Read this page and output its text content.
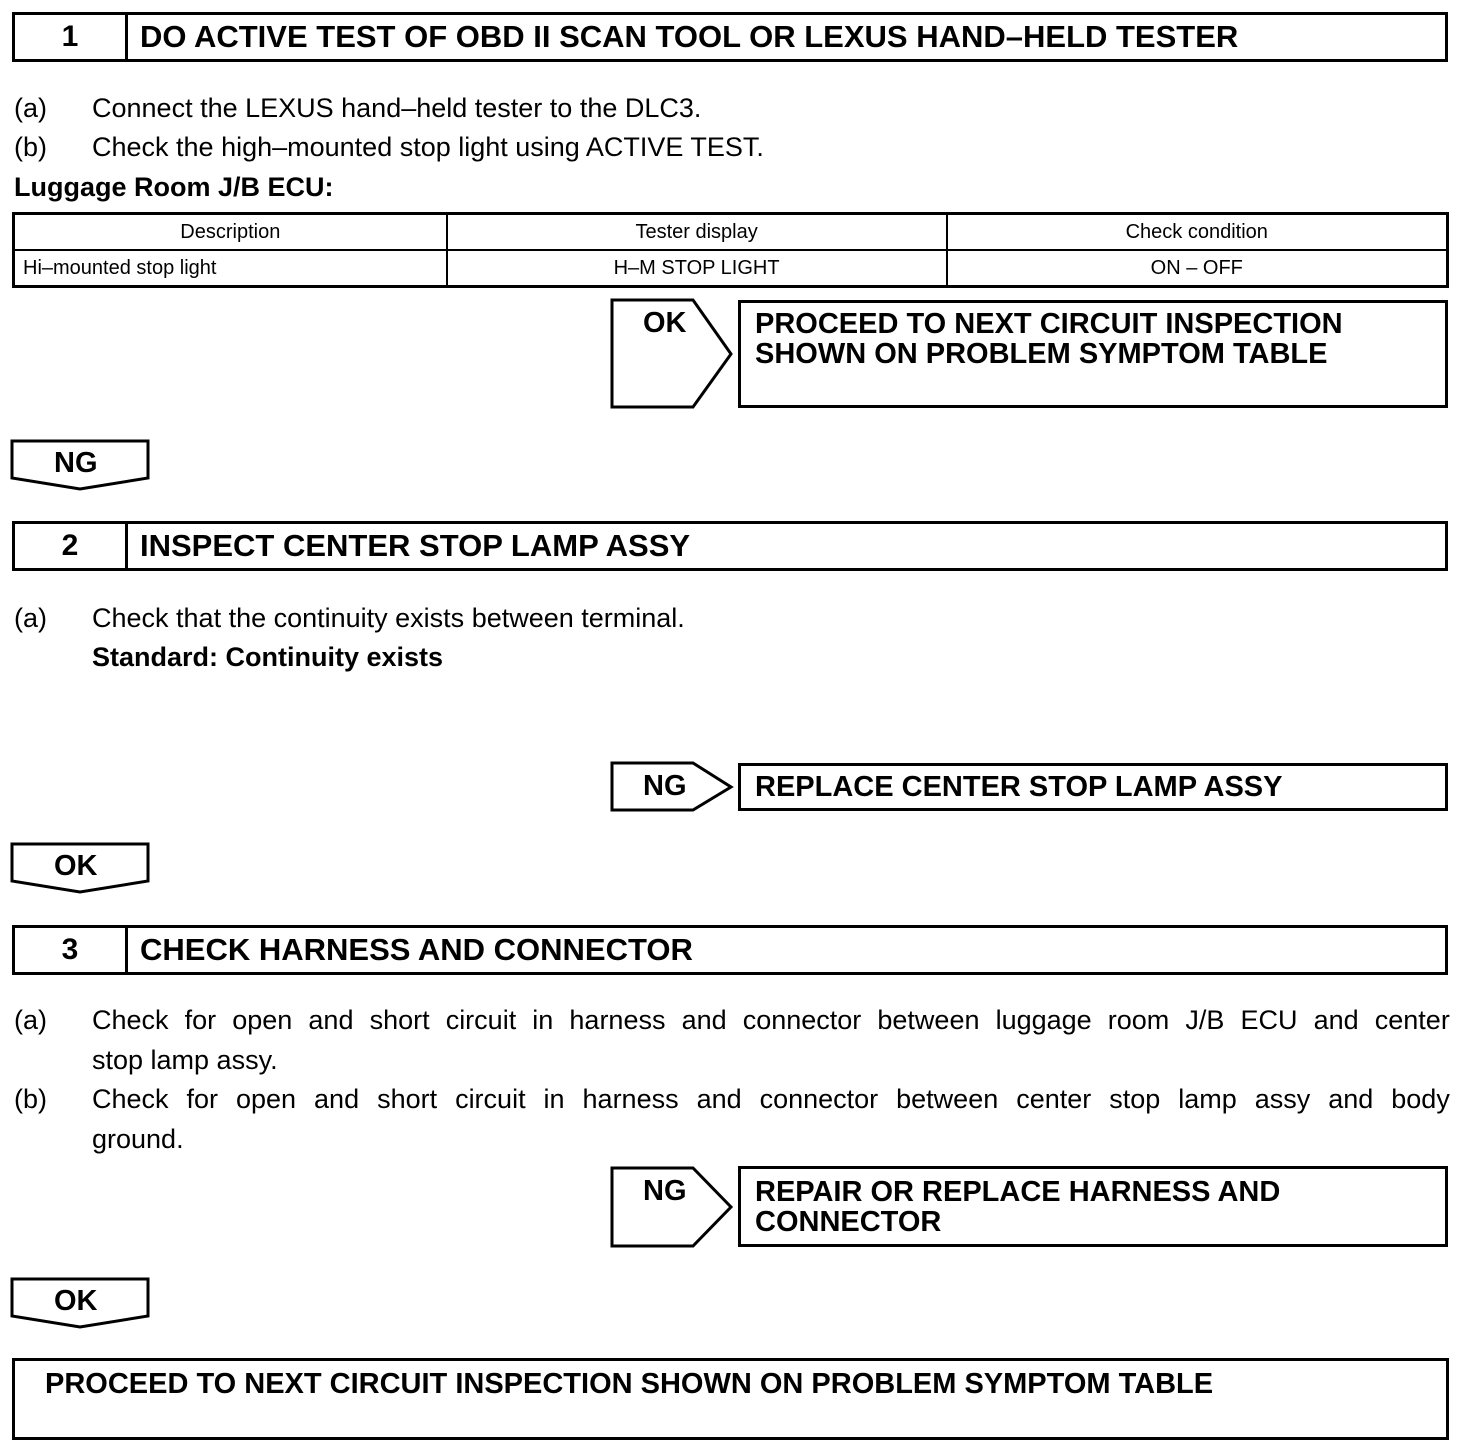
1	DO ACTIVE TEST OF OBD II SCAN TOOL OR LEXUS HAND–HELD TESTER
(a) Connect the LEXUS hand–held tester to the DLC3.
(b) Check the high–mounted stop light using ACTIVE TEST.
Luggage Room J/B ECU:
Description	Tester display	Check condition
Hi–mounted stop light	H–M STOP LIGHT	ON – OFF
OK PROCEED TO NEXT CIRCUIT INSPECTION
SHOWN ON PROBLEM SYMPTOM TABLE
NG
2	INSPECT CENTER STOP LAMP ASSY
(a) Check that the continuity exists between terminal.
Standard: Continuity exists
NG REPLACE CENTER STOP LAMP ASSY
OK
3	CHECK HARNESS AND CONNECTOR
(a) Check for open and short circuit in harness and connector between luggage room J/B ECU and center
stop lamp assy.
(b) Check for open and short circuit in harness and connector between center stop lamp assy and body
ground.
NG REPAIR OR REPLACE HARNESS AND
CONNECTOR
OK
PROCEED TO NEXT CIRCUIT INSPECTION SHOWN ON PROBLEM SYMPTOM TABLE
